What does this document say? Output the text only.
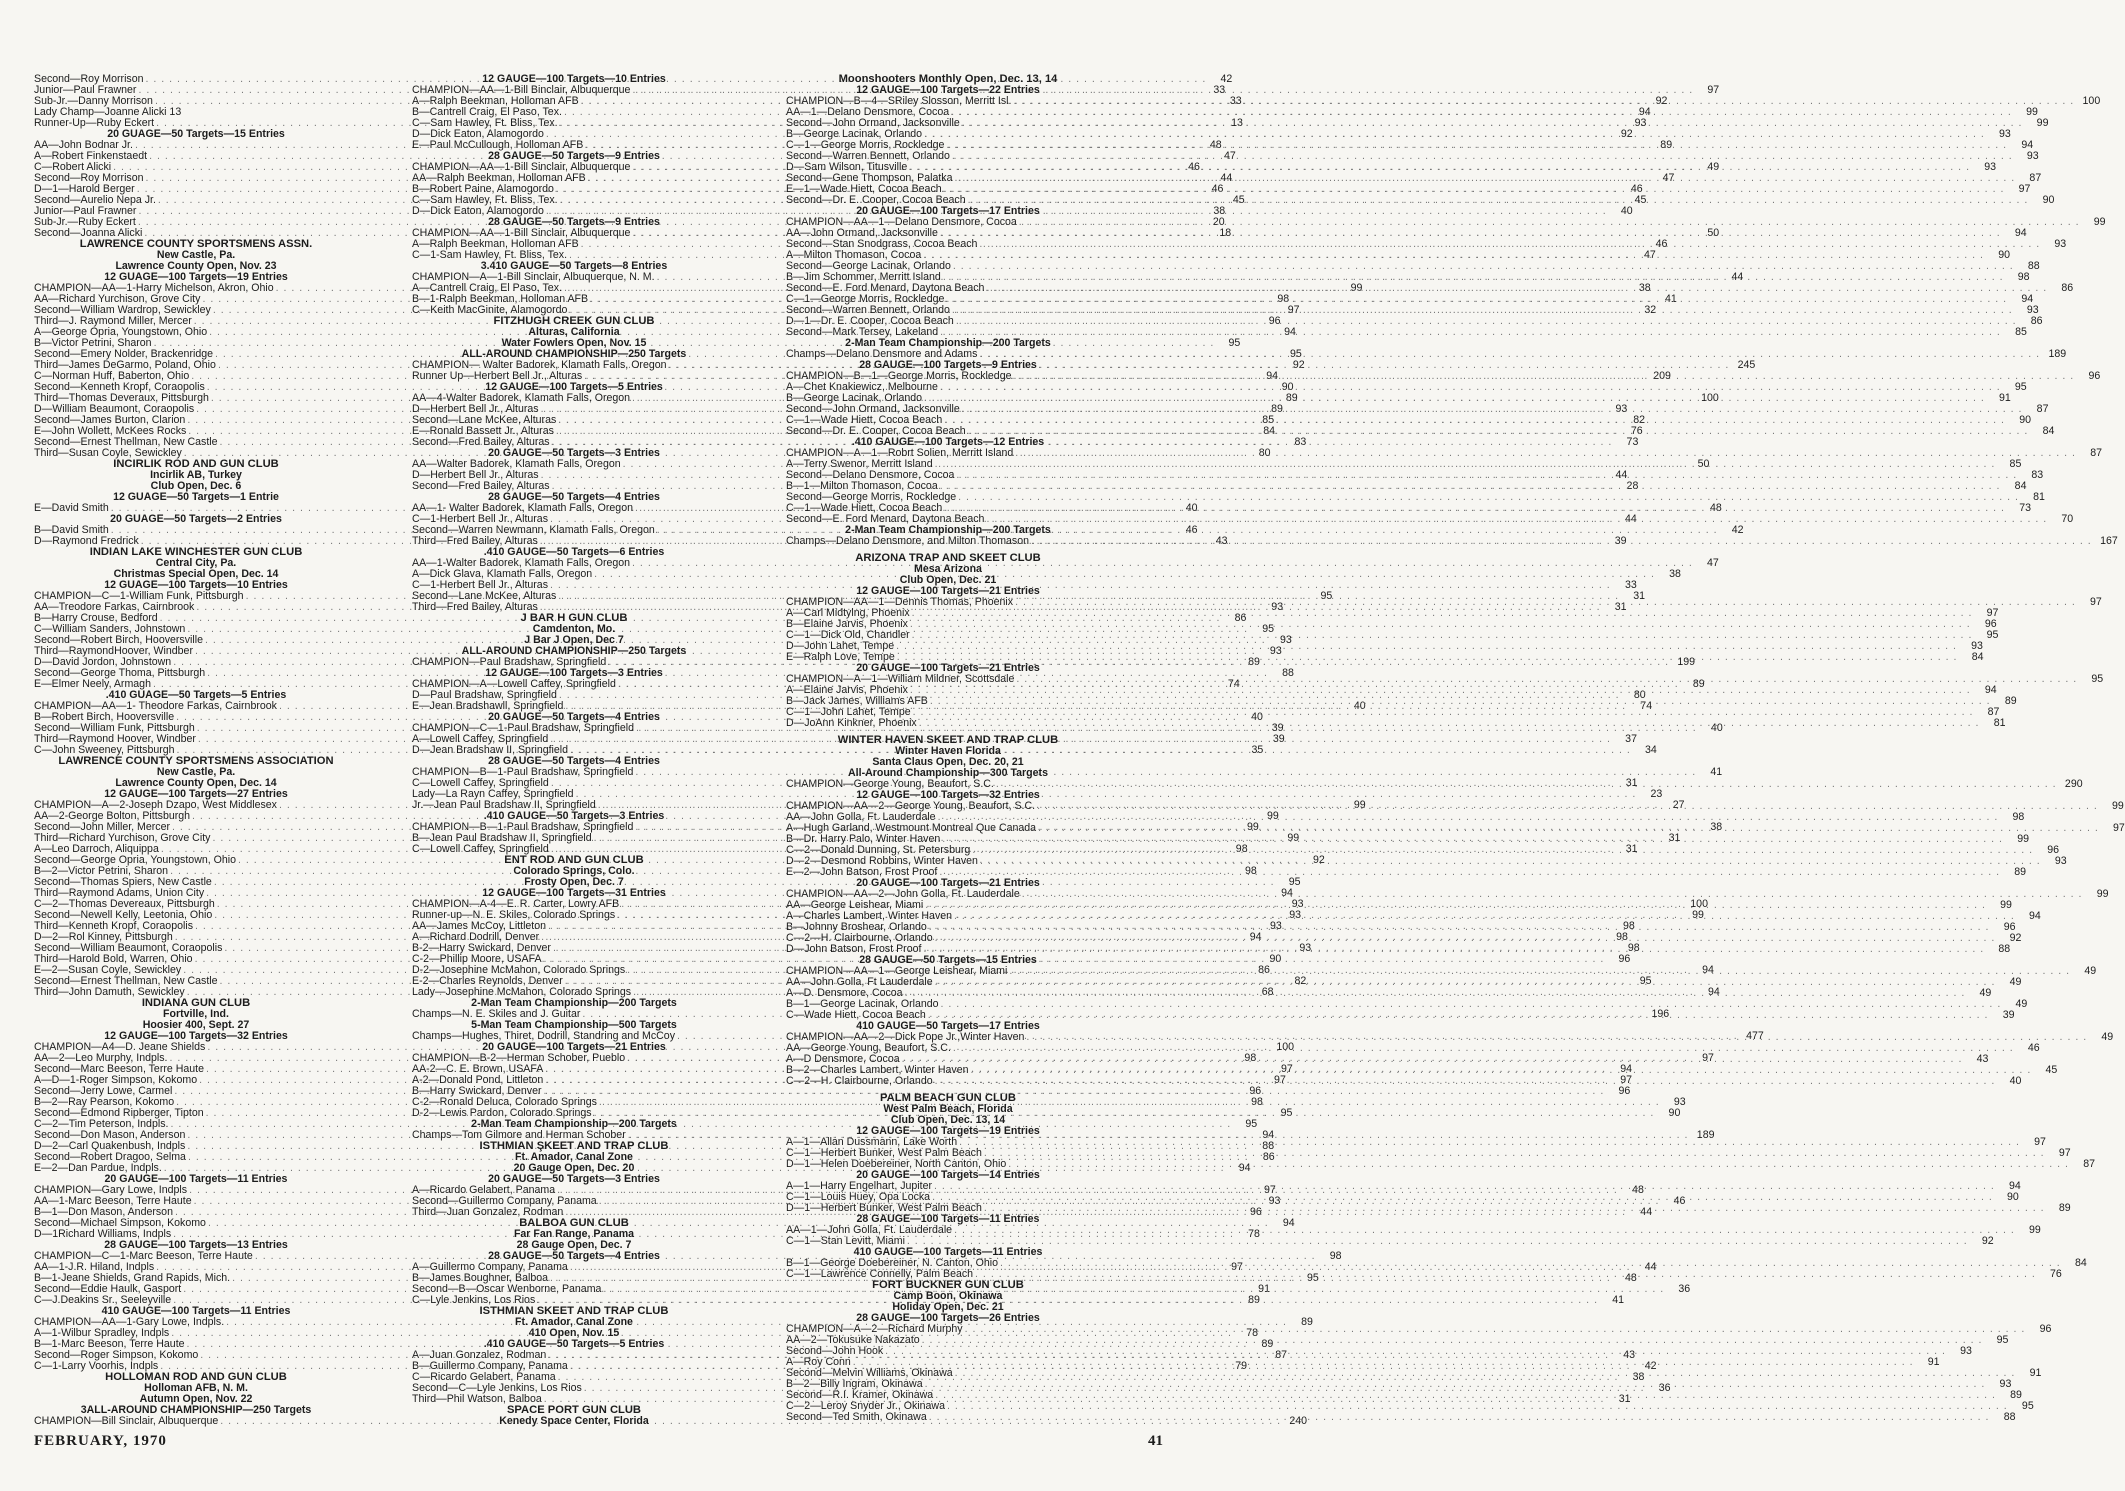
Second—Roy Morrison . . .	42
Junior—Paul Frawner . . .	33
Sub-Jr.—Danny Morrison . . .	33
Lady Champ—Joanne Alicki 13
Runner-Up—Ruby Eckert . . .	13
20 GUAGE—50 Targets—15 Entries
AA—John Bodnar Jr. . . .	48
A—Robert Finkenstaedt . . .	47
C—Robert Alicki . . .	46
Second—Roy Morrison . . .	44
D—1—Harold Berger . . .	46
Second—Aurelio Nepa Jr. . . .	45
Junior—Paul Frawner . . .	38
Sub-Jr.—Ruby Eckert . . .	20
Second—Joanna Alicki . . .	18
LAWRENCE COUNTY SPORTSMENS ASSN.
New Castle, Pa.
Lawrence County Open, Nov. 23
12 GUAGE—100 Targets—19 Entries
CHAMPION—AA—1-Harry Michelson, Akron, Ohio . . .	99
AA—Richard Yurchison, Grove City . . .	98
Second—William Wardrop, Sewickley . . .	97
Third—J. Raymond Miller, Mercer . . .	96
A—George Opria, Youngstown, Ohio . . .	94
B—Victor Petrini, Sharon . . .	95
Second—Emery Nolder, Brackenridge . . .	95
Third—James DeGarmo, Poland, Ohio . . .	92
C—Norman Huff, Baberton, Ohio . . .	94
Second—Kenneth Kropf, Coraopolis . . .	90
Third—Thomas Deveraux, Pittsburgh . . .	89
D—William Beaumont, Coraopolis . . .	89
Second—James Burton, Clarion . . .	85
E—John Wollett, McKees Rocks . . .	84
Second—Ernest Thellman, New Castle . . .	83
Third—Susan Coyle, Sewickley . . .	80
INCIRLIK ROD AND GUN CLUB
Incirlik AB, Turkey
Club Open, Dec. 6
12 GUAGE—50 Targets—1 Entrie
E—David Smith . . .	40
20 GUAGE—50 Targets—2 Entries
B—David Smith . . .	46
D—Raymond Fredrick . . .	43
INDIAN LAKE WINCHESTER GUN CLUB
Central City, Pa.
Christmas Special Open, Dec. 14
12 GUAGE—100 Targets—10 Entries
CHAMPION—C—1-William Funk, Pittsburgh . . .	95
AA—Treodore Farkas, Cairnbrook . . .	93
B—Harry Crouse, Bedford . . .	86
C—William Sanders, Johnstown . . .	95
Second—Robert Birch, Hooversville . . .	93
Third—RaymondHoover, Windber . . .	93
D—David Jordon, Johnstown . . .	89
Second—George Thoma, Pittsburgh . . .	88
E—Elmer Neely, Armagh . . .	74
.410 GUAGE—50 Targets—5 Entries
CHAMPION—AA—1- Theodore Farkas, Cairnbrook . . .	40
B—Robert Birch, Hooversville . . .	40
Second—William Funk, Pittsburgh . . .	39
Third—Raymond Hoover, Windber . . .	39
C—John Sweeney, Pittsburgh . . .	35
LAWRENCE COUNTY SPORTSMENS ASSOCIATION
New Castle, Pa.
Lawrence County Open, Dec. 14
12 GAUGE—100 Targets—27 Entries
CHAMPION—A—2-Joseph Dzapo, West Middlesex . . .	99
AA—2-George Bolton, Pittsburgh . . .	99
Second—John Miller, Mercer . . .	99
Third—Richard Yurchison, Grove City . . .	99
A—Leo Darroch, Aliquippa . . .	98
Second—George Opria, Youngstown, Ohio . . .	92
B—2—Victor Petrini, Sharon . . .	98
Second—Thomas Spiers, New Castle . . .	95
Third—Raymond Adams, Union City . . .	94
C—2—Thomas Devereaux, Pittsburgh . . .	93
Second—Newell Kelly, Leetonia, Ohio . . .	93
Third—Kenneth Kropf, Coraopolis . . .	93
D—2—Rol Kinney, Pittsburgh . . .	94
Second—William Beaumont, Coraopolis . . .	93
Third—Harold Bold, Warren, Ohio . . .	90
E—2—Susan Coyle, Sewickley . . .	86
Second—Ernest Thellman, New Castle . . .	82
Third—John Damuth, Sewickley . . .	68
INDIANA GUN CLUB
Fortville, Ind.
Hoosier 400, Sept. 27
12 GAUGE—100 Targets—32 Entries
CHAMPION—A4—D. Jeane Shields . . .	100
AA—2—Leo Murphy, Indpls. . . .	98
Second—Marc Beeson, Terre Haute . . .	97
A—D—1-Roger Simpson, Kokomo . . .	97
Second—Jerry Lowe, Carmel . . .	96
B—2—Ray Pearson, Kokomo . . .	98
Second—Edmond Ripberger, Tipton . . .	95
C—2—Tim Peterson, Indpls. . . .	95
Second—Don Mason, Anderson . . .	94
D—2—Carl Quakenbush, Indpls . . .	88
Second—Robert Dragoo, Selma . . .	86
E—2—Dan Pardue, Indpls. . . .	94
20 GAUGE—100 Targets—11 Entries
CHAMPION—Gary Lowe, Indpls . . .	97
AA—1-Marc Beeson, Terre Haute . . .	93
B—1—Don Mason, Anderson . . .	96
Second—Michael Simpson, Kokomo . . .	94
D—1Richard Williams, Indpls . . .	78
28 GAUGE—100 Targets—13 Entries
CHAMPION—C—1-Marc Beeson, Terre Haute . . .	98
AA—1-J.R. Hiland, Indpls . . .	97
B—1-Jeane Shields, Grand Rapids, Mich. . . .	95
Second—Eddie Haulk, Gasport . . .	91
C—J.Deakins Sr., Seeleyville . . .	89
410 GAUGE—100 Targets—11 Entries
CHAMPION—AA—1-Gary Lowe, Indpls. . . .	89
A—1-Wilbur Spradley, Indpls . . .	78
B—1-Marc Beeson, Terre Haute . . .	89
Second—Roger Simpson, Kokomo . . .	87
C—1-Larry Voorhis, Indpls . . .	79
HOLLOMAN ROD AND GUN CLUB
Holloman AFB, N. M.
Autumn Open, Nov. 22
3ALL-AROUND CHAMPIONSHIP—250 Targets
CHAMPION—Bill Sinclair, Albuquerque . . .	240
12 GAUGE—100 Targets—10 Entries
CHAMPION—AA—1-Bill Binclair, Albuquerque . . .	97
A—Ralph Beekman, Holloman AFB . . .	92
B—Cantrell Craig, El Paso, Tex. . . .	94
C—Sam Hawley, Ft. Bliss, Tex. . . .	93
D—Dick Eaton, Alamogordo . . .	92
E—Paul McCullough, Holloman AFB . . .	89
28 GAUGE—50 Targets—9 Entries
CHAMPION—AA—1-Bill Sinclair, Albuquerque . . .	49
AA—Ralph Beekman, Holloman AFB . . .	47
B—Robert Paine, Alamogordo . . .	46
C—Sam Hawley, Ft. Bliss, Tex. . . .	45
D—Dick Eaton, Alamogordo . . .	40
28 GAUGE—50 Targets—9 Entries
CHAMPION—AA—1-Bill Sinclair, Albuquerque . . .	50
A—Ralph Beekman, Holloman AFB . . .	46
C—1-Sam Hawley, Ft. Bliss, Tex. . . .	47
3.410 GAUGE—50 Targets—8 Entries
CHAMPION—A—1-Bill Sinclair, Albuquerque, N. M. . . .	44
A—Cantrell Craig, El Paso, Tex. . . .	38
B—1-Ralph Beekman, Holloman AFB . . .	41
C—Keith MacGinite, Alamogordo . . .	32
FITZHUGH CREEK GUN CLUB
Alturas, California
Water Fowlers Open, Nov. 15
ALL-AROUND CHAMPIONSHIP—250 Targets
CHAMPION— Walter Badorek, Klamath Falls, Oregon . . .	245
Runner Up—Herbert Bell Jr., Alturas . . .	209
12 GAUGE—100 Targets—5 Entries
AA—4-Walter Badorek, Klamath Falls, Oregon . . .	100
D—Herbert Bell Jr., Alturas . . .	93
Second—Lane McKee, Alturas . . .	82
E—Ronald Bassett Jr., Alturas . . .	76
Second—Fred Bailey, Alturas . . .	73
20 GAUGE—50 Targets—3 Entries
AA—Walter Badorek, Klamath Falls, Oregon . . .	50
D—Herbert Bell Jr., Alturas . . .	44
Second—Fred Bailey, Alturas . . .	28
28 GAUGE—50 Targets—4 Entries
AA—1- Walter Badorek, Klamath Falls, Oregon . . .	48
C—1-Herbert Bell Jr., Alturas . . .	44
Second—Warren Newmann, Klamath Falls, Oregon . . .	42
Third—Fred Bailey, Alturas . . .	39
.410 GAUGE—50 Targets—6 Entries
AA—1-Walter Badorek, Klamath Falls, Oregon . . .	47
A—Dick Glava, Klamath Falls, Oregon . . .	38
C—1-Herbert Bell Jr., Alturas . . .	33
Second—Lane McKee, Alturas . . .	31
Third—Fred Bailey, Alturas . . .	31
J BAR H GUN CLUB
Camdenton, Mo.
J Bar J Open, Dec 7
ALL-AROUND CHAMPIONSHIP—250 Targets
CHAMPION—Paul Bradshaw, Springfield . . .	199
12 GAUGE—100 Targets—3 Entries
CHAMPION—A—Lowell Caffey, Springfield . . .	89
D—Paul Bradshaw, Springfield . . .	80
E—Jean Bradshawll, Springfield . . .	74
20 GAUGE—50 Targets—4 Entries
CHAMPION—C—1-Paul Bradshaw, Springfield . . .	40
A—Lowell Caffey, Springfield . . .	37
D—Jean Bradshaw II, Springfield . . .	34
28 GAUGE—50 Targets—4 Entries
CHAMPION—B—1-Paul Bradshaw, Springfield . . .	41
C—Lowell Caffey, Springfield . . .	31
Lady—La Rayn Caffey, Springfield . . .	23
Jr.—Jean Paul Bradshaw II, Springfield . . .	27
.410 GAUGE—50 Targets—3 Entries
CHAMPION—B—1-Paul Bradshaw, Springfield . . .	38
B—Jean Paul Bradshaw II, Springfield . . .	31
C—Lowell Caffey, Springfield . . .	31
ENT ROD AND GUN CLUB
Colorado Springs, Colo.
Frosty Open, Dec. 7
12 GAUGE—100 Targets—31 Entries
CHAMPION—A-4—E. R. Carter, Lowry AFB . . .	100
Runner-up—N. E. Skiles, Colorado Springs . . .	99
AA—James McCoy, Littleton . . .	98
A—Richard Dodrill, Denver . . .	98
B-2—Harry Swickard, Denver . . .	98
C-2—Phillip Moore, USAFA . . .	96
D-2—Josephine McMahon, Colorado Springs . . .	94
E-2—Charles Reynolds, Denver . . .	95
Lady—Josephine McMahon, Colorado Springs . . .	94
2-Man Team Championship—200 Targets
Champs—N. E. Skiles and J. Guitar . . .	196
5-Man Team Championship—500 Targets
Champs—Hughes, Thiret, Dodrill, Standring and McCoy . . .	477
20 GAUGE—100 Targets—21 Entries
CHAMPION—B-2—Herman Schober, Pueblo . . .	97
AA-2—C. E. Brown, USAFA . . .	94
A-2—Donald Pond, Littleton . . .	97
B—Harry Swickard, Denver . . .	96
C-2—Ronald Deluca, Colorado Springs . . .	93
D-2—Lewis Pardon, Colorado Springs . . .	90
2-Man Team Championship—200 Targets
Champs—Tom Gilmore and Herman Schober . . .	189
ISTHMIAN ŞKEET AND TRAP CLUB
Ft. Amador, Canal Zone
20 Gauge Open, Dec. 20
20 GAUGE—50 Targets—3 Entries
A—Ricardo Gelabert, Panama . . .	48
Second—Guillermo Company, Panama . . .	46
Third—Juan Gonzalez, Rodman . . .	44
BALBOA GUN CLUB
Far Fan Range, Panama
28 Gauge Open, Dec. 7
28 GAUGE—50 Targets—4 Entries
A—Guillermo Company, Panama . . .	44
B—James Boughner, Balboa . . .	48
Second—B—Oscar Wenborne, Panama . . .	36
C—Lyle Jenkins, Los Rios . . .	41
ISTHMIAN SKEET AND TRAP CLUB
Ft. Amador, Canal Zone
410 Open, Nov. 15
.410 GAUGE—50 Targets—5 Entries
A—Juan Gonzalez, Rodman . . .	43
B—Guillermo Company, Panama . . .	42
C—Ricardo Gelabert, Panama . . .	38
Second—C—Lyle Jenkins, Los Rios . . .	36
Third—Phil Watson, Balboa . . .	31
SPACE PORT GUN CLUB
Kenedy Space Center, Florida
Moonshooters Monthly Open, Dec. 13, 14
12 GAUGE—100 Targets—22 Entries
CHAMPION—B—4—SRiley Slosson, Merritt Isl. . . .	100
AA—1—Delano Densmore, Cocoa . . .	99
Second—John Ormand, Jacksonville . . .	99
B—George Lacinak, Orlando . . .	93
C—1—George Morris, Rockledge . . .	94
Second—Warren Bennett, Orlando . . .	93
D—Sam Wilson, Titusville . . .	93
Second—Gene Thompson, Palatka . . .	87
E—1—Wade Hiett, Cocoa Beach . . .	97
Second—Dr. E. Cooper, Cocoa Beach . . .	90
20 GAUGE—100 Targets—17 Entries
CHAMPION—AA—1—Delano Densmore, Cocoa . . .	99
AA—John Ormand, Jacksonville . . .	94
Second—Stan Snodgrass, Cocoa Beach . . .	93
A—Milton Thomason, Cocoa . . .	90
Second—George Lacinak, Orlando . . .	88
B—Jim Schommer, Merritt Island . . .	98
Second—E. Ford Menard, Daytona Beach . . .	86
C—1—George Morris, Rockledge . . .	94
Second—Warren Bennett, Orlando . . .	93
D—1—Dr. E. Cooper, Cocoa Beach . . .	86
Second—Mark Tersey, Lakeland . . .	85
2-Man Team Championship—200 Targets
Champs—Delano Densmore and Adams . . .	189
28 GAUGE—100 Targets—9 Entries
CHAMPION—B—1—George Morris, Rockledge . . .	96
A—Chet Knakiewicz, Melbourne . . .	95
B—George Lacinak, Orlando . . .	91
Second—John Ormand, Jacksonville . . .	87
C—1—Wade Hiett, Cocoa Beach . . .	90
Second—Dr. E. Cooper, Cocoa Beach . . .	84
.410 GAUGE—100 Targets—12 Entries
CHAMPION—A—1—Robrt Solien, Merritt Island . . .	87
A—Terry Swenor, Merritt Island . . .	85
Second—Delano Densmore, Cocoa . . .	83
B—1—Milton Thomason, Cocoa . . .	84
Second—George Morris, Rockledge . . .	81
C—1—Wade Hiett, Cocoa Beach . . .	73
Second—E. Ford Menard, Daytona Beach . . .	70
2-Man Team Championship—200 Targets
Champs—Delano Densmore, and Milton Thomason . . .	167
ARIZONA TRAP AND SKEET CLUB
Mesa Arizona
Club Open, Dec. 21
12 GAUGE—100 Targets—21 Entries
CHAMPION—AA—1—Dennis Thomas, Phoenix . . .	97
A—Carl Midtylng, Phoenix . . .	97
B—Elaine Jarvis, Phoenix . . .	96
C—1—Dick Old, Chandler . . .	95
D—John Lahet, Tempe . . .	93
E—Ralph Love, Tempe . . .	84
20 GAUGE—100 Targets—21 Entries
CHAMPION—A—1—William Mildner, Scottsdale . . .	95
A—Elaine Jarvis, Phoenix . . .	94
B—Jack James, Williams AFB . . .	89
C—1—John Lahet, Tempe . . .	87
D—JoAnn Kinkner, Phoenix . . .	81
WINTER HAVEN SKEET AND TRAP CLUB
Winter Haven Florida
Santa Claus Open, Dec. 20, 21
All-Around Championship—300 Targets
CHAMPION—George Young, Beaufort, S.C. . . .	290
12 GAUGE—100 Targets—32 Entries
CHAMPION—AA—2—George Young, Beaufort, S.C. . . .	99
AA—John Golla, Ft. Lauderdale . . .	98
A—Hugh Garland, Westmount Montreal Que Canada . . .	97
B—Dr. Harry Palo, Winter Haven . . .	99
C—2—Donald Dunning, St. Petersburg . . .	96
D—2—Desmond Robbins, Winter Haven . . .	93
E—2—John Batson, Frost Proof . . .	89
20 GAUGE—100 Targets—21 Entries
CHAMPION—AA—2—John Golla, Ft. Lauderdale . . .	99
AA—George Leishear, Miami . . .	99
A—Charles Lambert, Winter Haven . . .	94
B—Johnny Broshear, Orlando . . .	96
C—2—H. Clairbourne, Orlando . . .	92
D—John Batson, Frost Proof . . .	88
28 GAUGE—50 Targets—15 Entries
CHAMPION—AA—1—George Leishear, Miami . . .	49
AA—John Golla, Ft Lauderdale . . .	49
A—D. Densmore, Cocoa . . .	49
B—1—George Lacinak, Orlando . . .	49
C—Wade Hiett, Cocoa Beach . . .	39
410 GAUGE—50 Targets—17 Entries
CHAMPION—AA—2—Dick Pope Jr.,Winter Haven . . .	49
AA—George Young, Beaufort, S.C. . . .	46
A—D Densmore, Cocoa . . .	43
B—2—Charles Lambert, Winter Haven . . .	45
C—2—H. Clairbourne, Orlando . . .	40
PALM BEACH GUN CLUB
West Palm Beach, Florida
Club Open, Dec. 13, 14
12 GAUGE—100 Targets—19 Entries
A—1—Allan Dussmann, Lake Worth . . .	97
C—1—Herbert Bunker, West Palm Beach . . .	97
D—1—Helen Doebereiner, North Canton, Ohio . . .	87
20 GAUGE—100 Targets—14 Entries
A—1—Harry Engelhart, Jupiter . . .	94
C—1—Louis Huey, Opa Locka . . .	90
D—1—Herbert Bunker, West Palm Beach . . .	89
28 GAUGE—100 Targets—11 Entries
AA—1—John Golla, Ft. Lauderdale . . .	99
C—1—Stan Levitt, Miami . . .	92
410 GAUGE—100 Targets—11 Entries
B—1—George Doebereiner, N. Canton, Ohio . . .	84
C—1—Lawrence Connelly, Palm Beach . . .	76
FORT BUCKNER GUN CLUB
Camp Boon, Okinawa
Holiday Open, Dec. 21
28 GAUGE—100 Targets—26 Entries
CHAMPION—A—2—Richard Murphy . . .	96
AA—2—Tokusuke Nakazato . . .	95
Second—John Hook . . .	93
A—Roy Conn . . .	91
Second—Melvin Williams, Okinawa . . .	91
B—2—Billy Ingram, Okinawa . . .	93
Second—R.I. Kramer, Okinawa . . .	89
C—2—Leroy Snyder Jr., Okinawa . . .	95
Second—Ted Smith, Okinawa . . .	88
FEBRUARY, 1970	41
